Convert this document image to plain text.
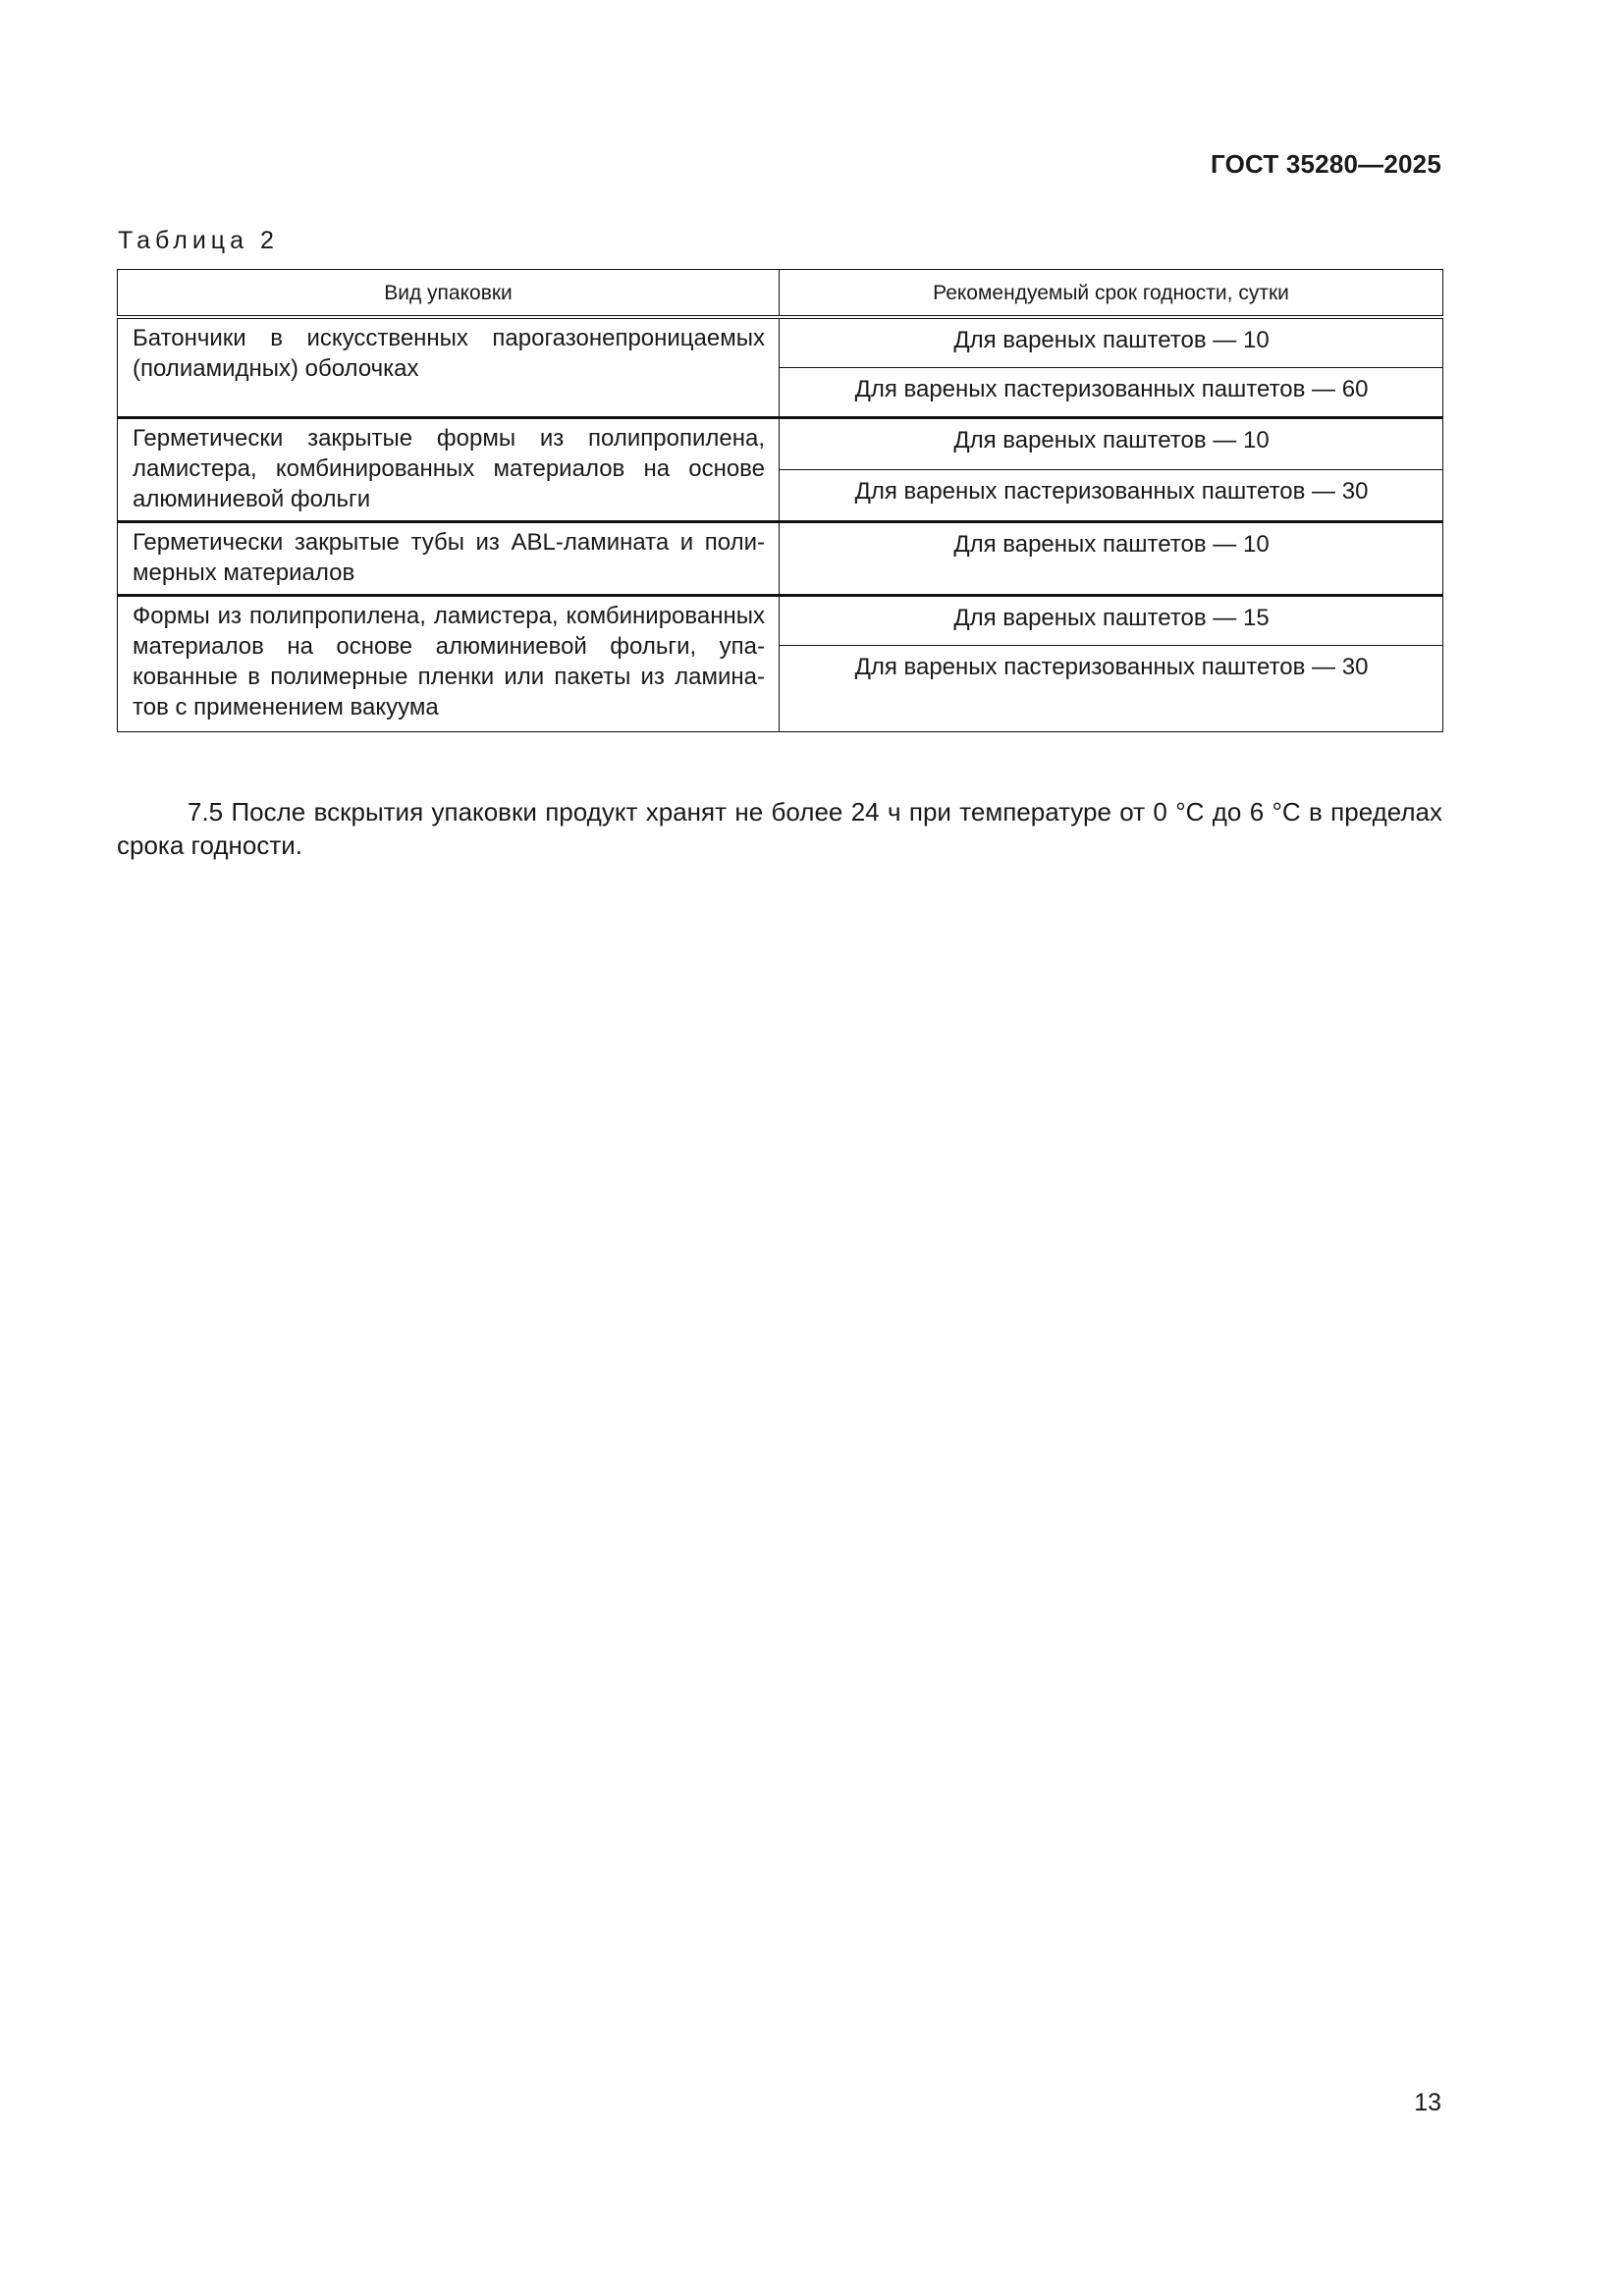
ГОСТ 35280—2025
Таблица 2
Вид упаковки	Рекомендуемый срок годности, сутки
Батончики в искусственных парогазонепроницаемых (полиамидных) оболочках	Для вареных паштетов — 10
	Для вареных пастеризованных паштетов — 60
Герметически закрытые формы из полипропилена, ламистера, комбинированных материалов на основе алюминиевой фольги	Для вареных паштетов — 10
	Для вареных пастеризованных паштетов — 30
Герметически закрытые тубы из ABL-ламината и полимерных материалов	Для вареных паштетов — 10
Формы из полипропилена, ламистера, комбинированных материалов на основе алюминиевой фольги, упакованные в полимерные пленки или пакеты из ламинатов с применением вакуума	Для вареных паштетов — 15
	Для вареных пастеризованных паштетов — 30

7.5 После вскрытия упаковки продукт хранят не более 24 ч при температуре от 0 °С до 6 °С в пределах срока годности.

13
